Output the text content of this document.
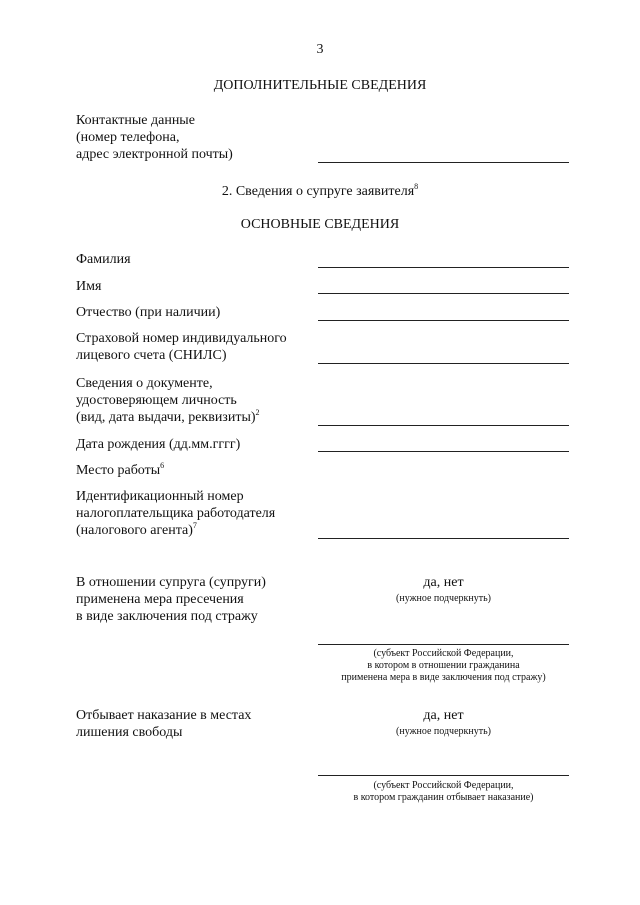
3
ДОПОЛНИТЕЛЬНЫЕ СВЕДЕНИЯ
Контактные данные
(номер телефона,
адрес электронной почты)
2. Сведения о супруге заявителя$^8$
ОСНОВНЫЕ СВЕДЕНИЯ
Фамилия
Имя
Отчество (при наличии)
Страховой номер индивидуального
лицевого счета (СНИЛС)
Сведения о документе,
удостоверяющем личность
(вид, дата выдачи, реквизиты)$^2$
Дата рождения (дд.мм.гггг)
Место работы$^6$
Идентификационный номер
налогоплательщика работодателя
(налогового агента)$^7$
В отношении супруга (супруги)
применена мера пресечения
в виде заключения под стражу
да, нет
(нужное подчеркнуть)
(субъект Российской Федерации,
в котором в отношении гражданина
применена мера в виде заключения под стражу)
Отбывает наказание в местах
лишения свободы
да, нет
(нужное подчеркнуть)
(субъект Российской Федерации,
в котором гражданин отбывает наказание)
